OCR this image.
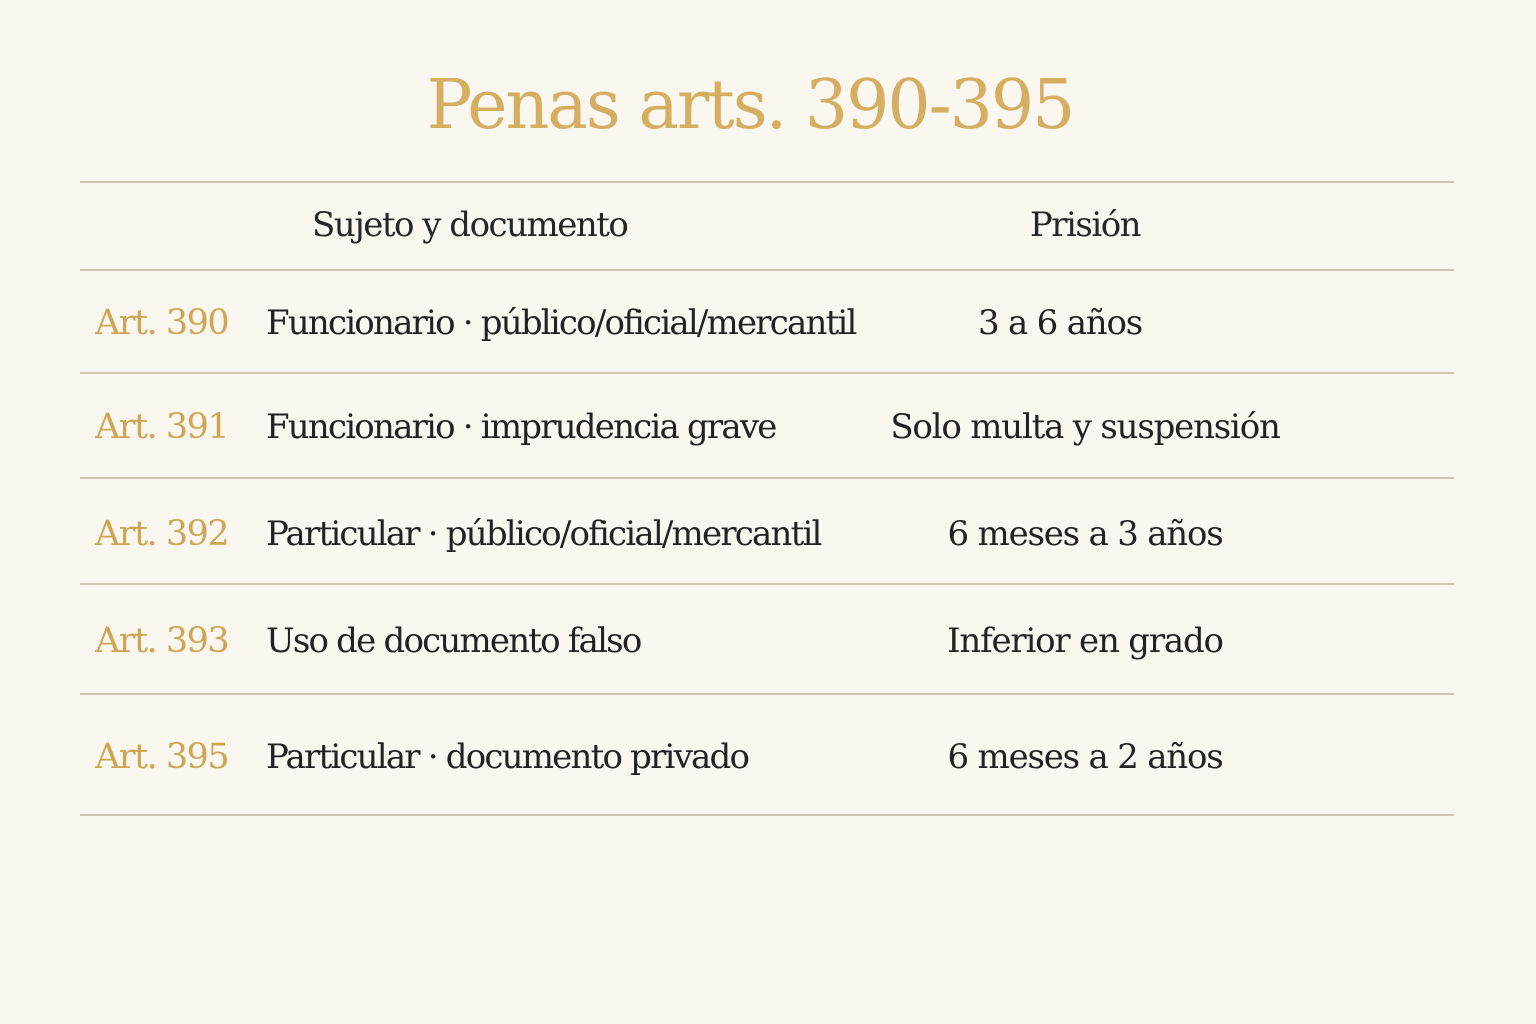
Penas arts. 390-395
Sujeto y documento	Prisión
Art. 390 Funcionario · público/oficial/mercantil	3 a 6 años
Art. 391 Funcionario · imprudencia grave	Solo multa y suspensión
Art. 392 Particular · público/oficial/mercantil	6 meses a 3 años
Art. 393 Uso de documento falso	Inferior en grado
Art. 395 Particular · documento privado	6 meses a 2 años
